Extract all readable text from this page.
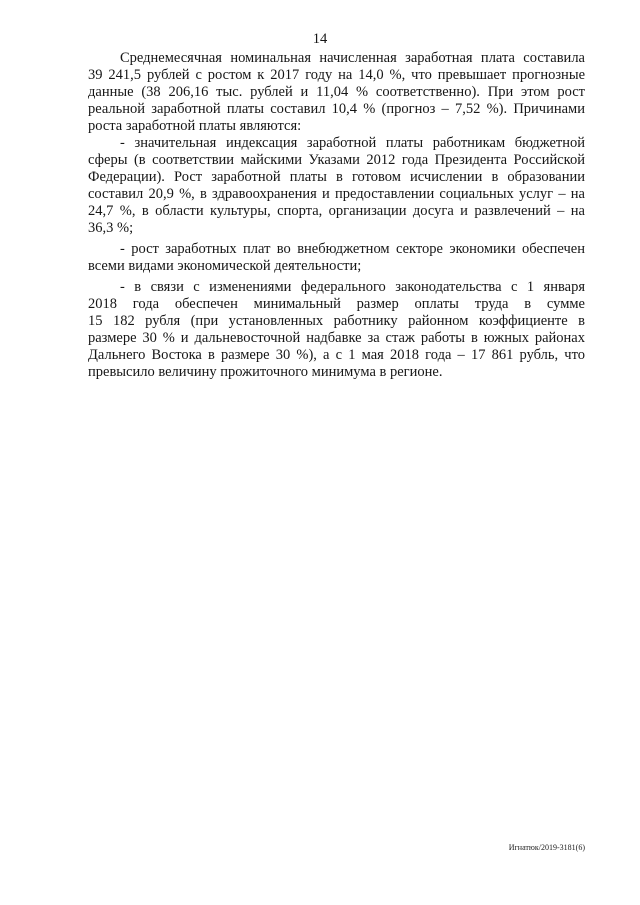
14
Среднемесячная номинальная начисленная заработная плата составила
39 241,5 рублей с ростом к 2017 году на 14,0 %, что превышает прогнозные
данные (38 206,16 тыс. рублей и 11,04 % соответственно). При этом рост
реальной заработной платы составил 10,4 % (прогноз – 7,52 %). Причинами
роста заработной платы являются:
- значительная индексация заработной платы работникам бюджетной
сферы (в соответствии майскими Указами 2012 года Президента Российской
Федерации). Рост заработной платы в готовом исчислении в образовании
составил 20,9 %, в здравоохранения и предоставлении социальных услуг – на
24,7 %, в области культуры, спорта, организации досуга и развлечений – на
36,3 %;
- рост заработных плат во внебюджетном секторе экономики обеспечен
всеми видами экономической деятельности;
- в связи с изменениями федерального законодательства с 1 января
2018 года обеспечен минимальный размер оплаты труда в сумме
15 182 рубля (при установленных работнику районном коэффициенте в
размере 30 % и дальневосточной надбавке за стаж работы в южных районах
Дальнего Востока в размере 30 %), а с 1 мая 2018 года – 17 861 рубль, что
превысило величину прожиточного минимума в регионе.
Игнатюк/2019-3181(6)
